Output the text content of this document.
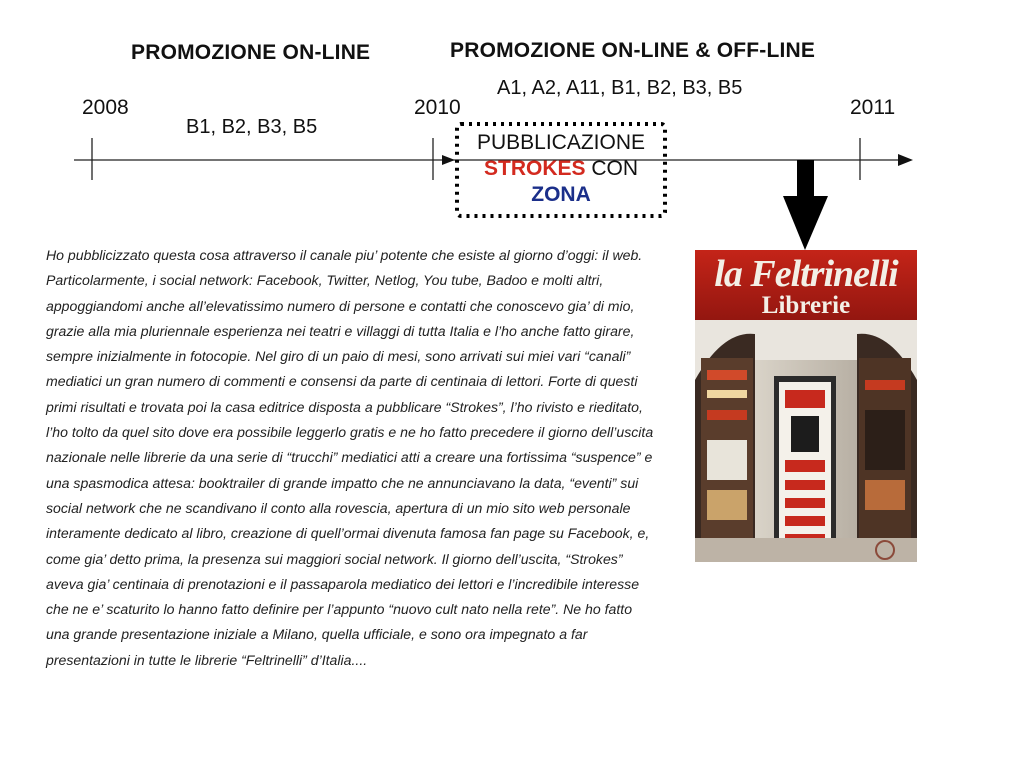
PROMOZIONE ON-LINE	PROMOZIONE ON-LINE & OFF-LINE
A1, A2, A11, B1, B2, B3, B5
B1, B2, B3, B5
2008	2010	2011
PUBBLICAZIONE
STROKES CON
ZONA

Ho pubblicizzato questa cosa attraverso il canale piu’ potente che esiste al giorno d’oggi: il web. Particolarmente, i social network: Facebook, Twitter, Netlog, You tube, Badoo e molti altri, appoggiandomi anche all’elevatissimo numero di persone e contatti che conoscevo gia’ di mio, grazie alla mia pluriennale esperienza nei teatri e villaggi di tutta Italia e l’ho anche fatto girare, sempre inizialmente in fotocopie. Nel giro di un paio di mesi, sono arrivati sui miei vari “canali” mediatici un gran numero di commenti e consensi da parte di centinaia di lettori. Forte di questi primi risultati e trovata poi la casa editrice disposta a pubblicare “Strokes”, l’ho rivisto e rieditato, l’ho tolto da quel sito dove era possibile leggerlo gratis e ne ho fatto precedere il giorno dell’uscita nazionale nelle librerie da una serie di “trucchi” mediatici atti a creare una fortissima “suspence” e una spasmodica attesa: booktrailer di grande impatto che ne annunciavano la data, “eventi” sui social network che ne scandivano il conto alla rovescia, apertura di un mio sito web personale interamente dedicato al libro, creazione di quell’ormai divenuta famosa fan page su Facebook, e, come gia’ detto prima, la presenza sui maggiori social network. Il giorno dell’uscita, “Strokes” aveva gia’ centinaia di prenotazioni e il passaparola mediatico dei lettori e l’incredibile interesse che ne e’ scaturito lo hanno fatto definire per l’appunto “nuovo cult nato nella rete”. Ne ho fatto una grande presentazione iniziale a Milano, quella ufficiale, e sono ora impegnato a far presentazioni in tutte le librerie “Feltrinelli” d’Italia....

la Feltrinelli
Librerie
